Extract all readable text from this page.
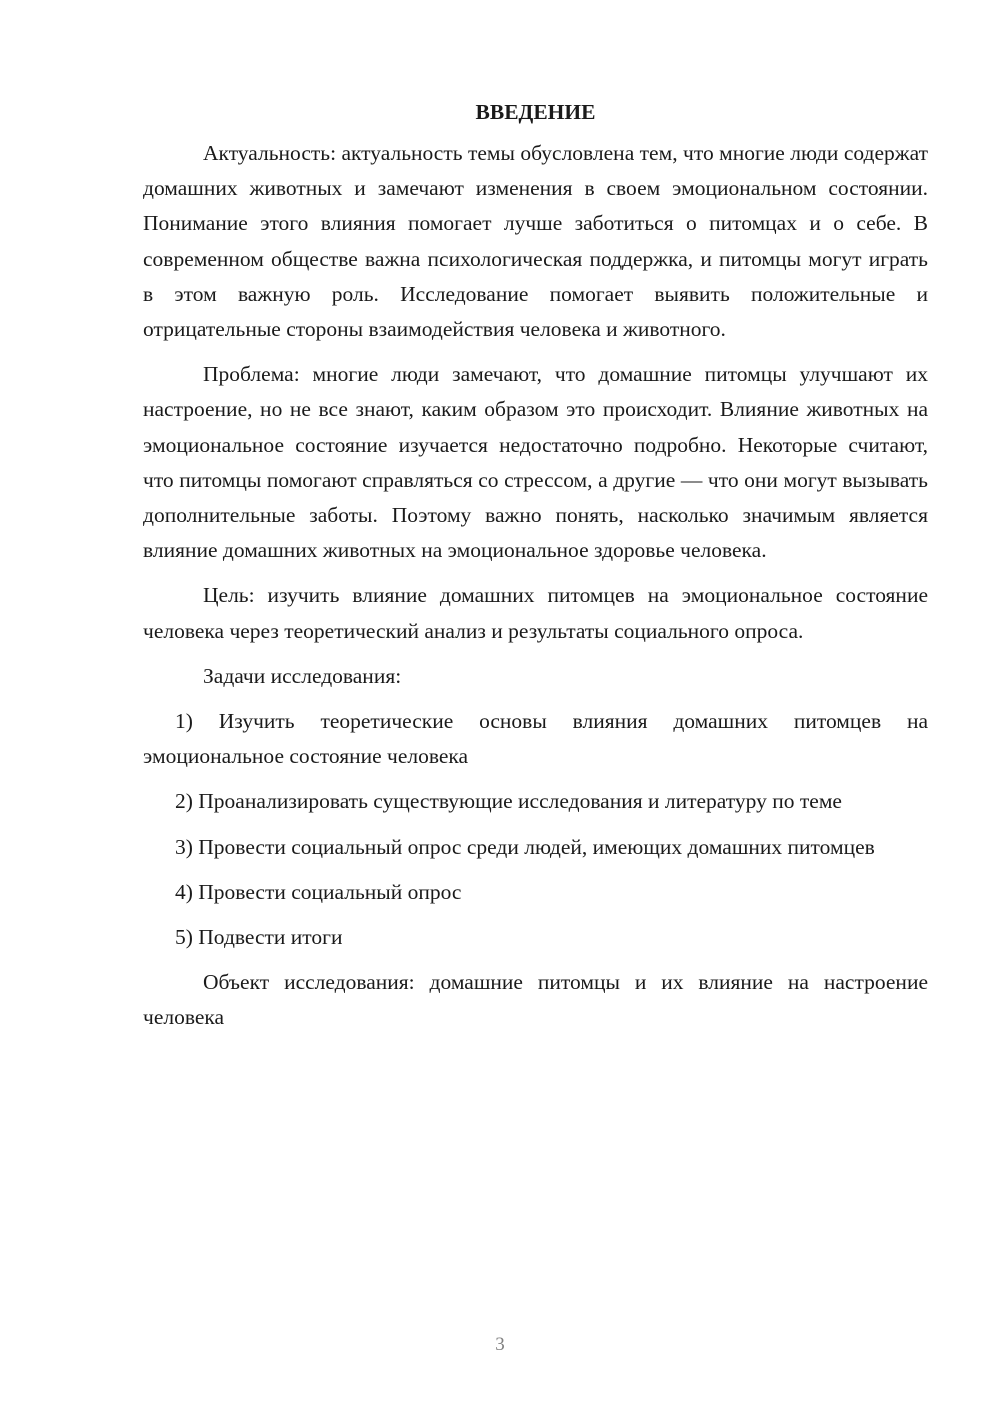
ВВЕДЕНИЕ

Актуальность: актуальность темы обусловлена тем, что многие люди содержат домашних животных и замечают изменения в своем эмоциональном состоянии. Понимание этого влияния помогает лучше заботиться о питомцах и о себе. В современном обществе важна психологическая поддержка, и питомцы могут играть в этом важную роль. Исследование помогает выявить положительные и отрицательные стороны взаимодействия человека и животного.

Проблема: многие люди замечают, что домашние питомцы улучшают их настроение, но не все знают, каким образом это происходит. Влияние животных на эмоциональное состояние изучается недостаточно подробно. Некоторые считают, что питомцы помогают справляться со стрессом, а другие — что они могут вызывать дополнительные заботы. Поэтому важно понять, насколько значимым является влияние домашних животных на эмоциональное здоровье человека.

Цель: изучить влияние домашних питомцев на эмоциональное состояние человека через теоретический анализ и результаты социального опроса.

Задачи исследования:

1) Изучить теоретические основы влияния домашних питомцев на эмоциональное состояние человека

2) Проанализировать существующие исследования и литературу по теме

3) Провести социальный опрос среди людей, имеющих домашних питомцев

4) Провести социальный опрос

5) Подвести итоги

Объект исследования: домашние питомцы и их влияние на настроение человека

3
